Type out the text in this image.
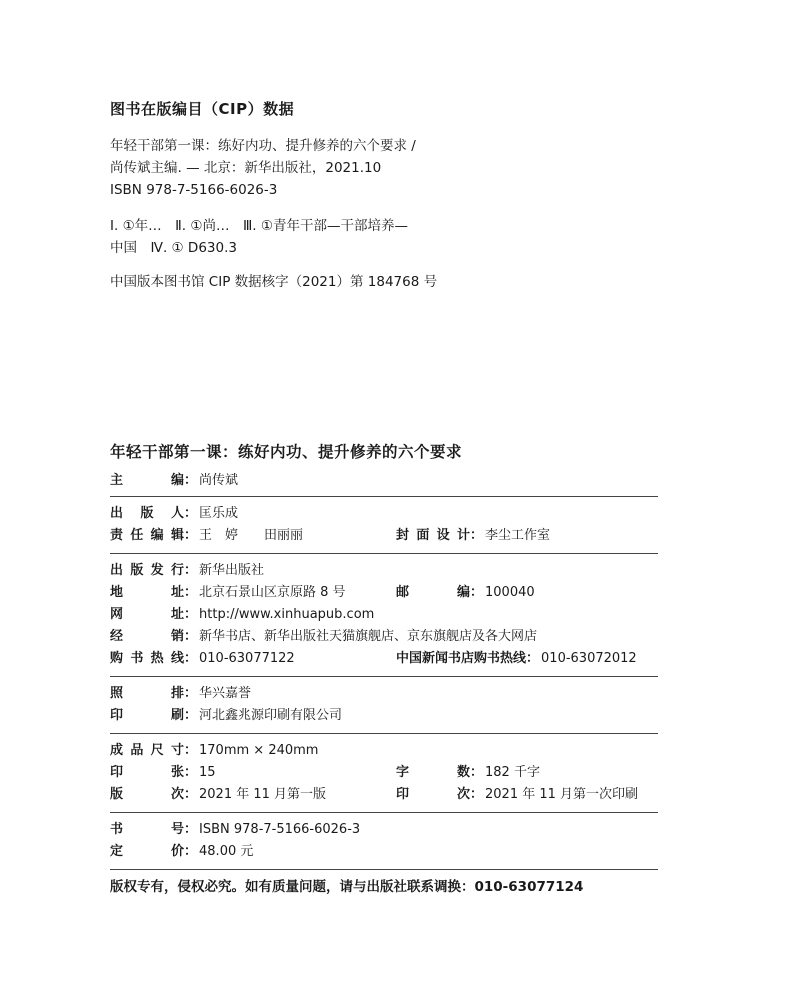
图书在版编目（CIP）数据
年轻干部第一课：练好内功、提升修养的六个要求 /
尚传斌主编. — 北京：新华出版社，2021.10
ISBN 978-7-5166-6026-3
Ⅰ. ①年…　Ⅱ. ①尚…　Ⅲ. ①青年干部—干部培养—
中国　Ⅳ. ① D630.3
中国版本图书馆 CIP 数据核字（2021）第 184768 号
年轻干部第一课：练好内功、提升修养的六个要求
主　　编 ： 尚传斌
出 版 人 ： 匡乐成
责任编辑 ： 王　婷　　田丽丽	封面设计 ： 李尘工作室
出版发行 ： 新华出版社
地　　址 ： 北京石景山区京原路 8 号	邮　　编 ： 100040
网　　址 ： http://www.xinhuapub.com
经　　销 ： 新华书店、新华出版社天猫旗舰店、京东旗舰店及各大网店
购书热线 ： 010-63077122	中国新闻书店购书热线 ： 010-63072012
照　　排 ： 华兴嘉誉
印　　刷 ： 河北鑫兆源印刷有限公司
成品尺寸 ： 170mm × 240mm
印　　张 ： 15	字　　数 ： 182 千字
版　　次 ： 2021 年 11 月第一版	印　　次 ： 2021 年 11 月第一次印刷
书　　号 ： ISBN 978-7-5166-6026-3
定　　价 ： 48.00 元
版权专有，侵权必究。如有质量问题，请与出版社联系调换：010-63077124
